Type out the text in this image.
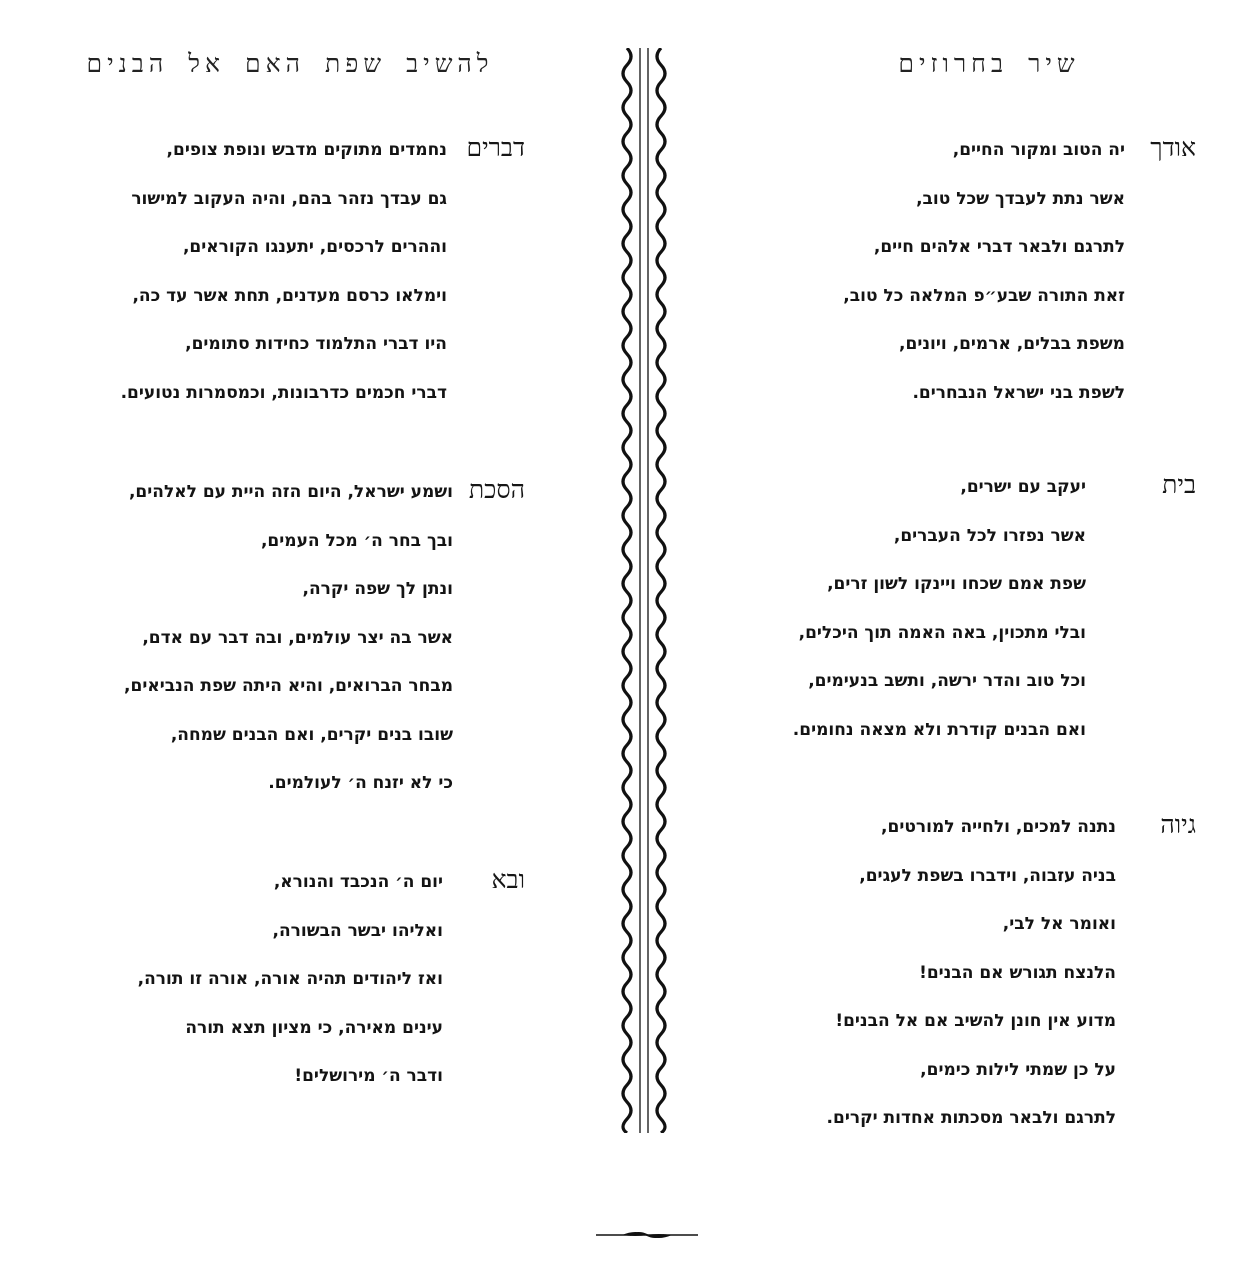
שיר בחרוזים
להשיב שפת האם אל הבנים
אודך
יה הטוב ומקור החיים,
אשר נתת לעבדך שכל טוב,
לתרגם ולבאר דברי אלהים חיים,
זאת התורה שבע״פ המלאה כל טוב,
משפת בבלים, ארמים, ויונים,
לשפת בני ישראל הנבחרים.
בית
יעקב עם ישרים,
אשר נפזרו לכל העברים,
שפת אמם שכחו ויינקו לשון זרים,
ובלי מתכוין, באה האמה תוך היכלים,
וכל טוב והדר ירשה, ותשב בנעימים,
ואם הבנים קודרת ולא מצאה נחומים.
גיוה
נתנה למכים, ולחייה למורטים,
בניה עזבוה, וידברו בשפת לעגים,
ואומר אל לבי,
הלנצח תגורש אם הבנים!
מדוע אין חונן להשיב אם אל הבנים!
על כן שמתי לילות כימים,
לתרגם ולבאר מסכתות אחדות יקרים.
דברים
נחמדים מתוקים מדבש ונופת צופים,
גם עבדך נזהר בהם, והיה העקוב למישור
וההרים לרכסים, יתענגו הקוראים,
וימלאו כרסם מעדנים, תחת אשר עד כה,
היו דברי התלמוד כחידות סתומים,
דברי חכמים כדרבונות, וכמסמרות נטועים.
הסכת
ושמע ישראל, היום הזה היית עם לאלהים,
ובך בחר ה׳ מכל העמים,
ונתן לך שפה יקרה,
אשר בה יצר עולמים, ובה דבר עם אדם,
מבחר הברואים, והיא היתה שפת הנביאים,
שובו בנים יקרים, ואם הבנים שמחה,
כי לא יזנח ה׳ לעולמים.
ובא
יום ה׳ הנכבד והנורא,
ואליהו יבשר הבשורה,
ואז ליהודים תהיה אורה, אורה זו תורה,
עינים מאירה, כי מציון תצא תורה
ודבר ה׳ מירושלים!
